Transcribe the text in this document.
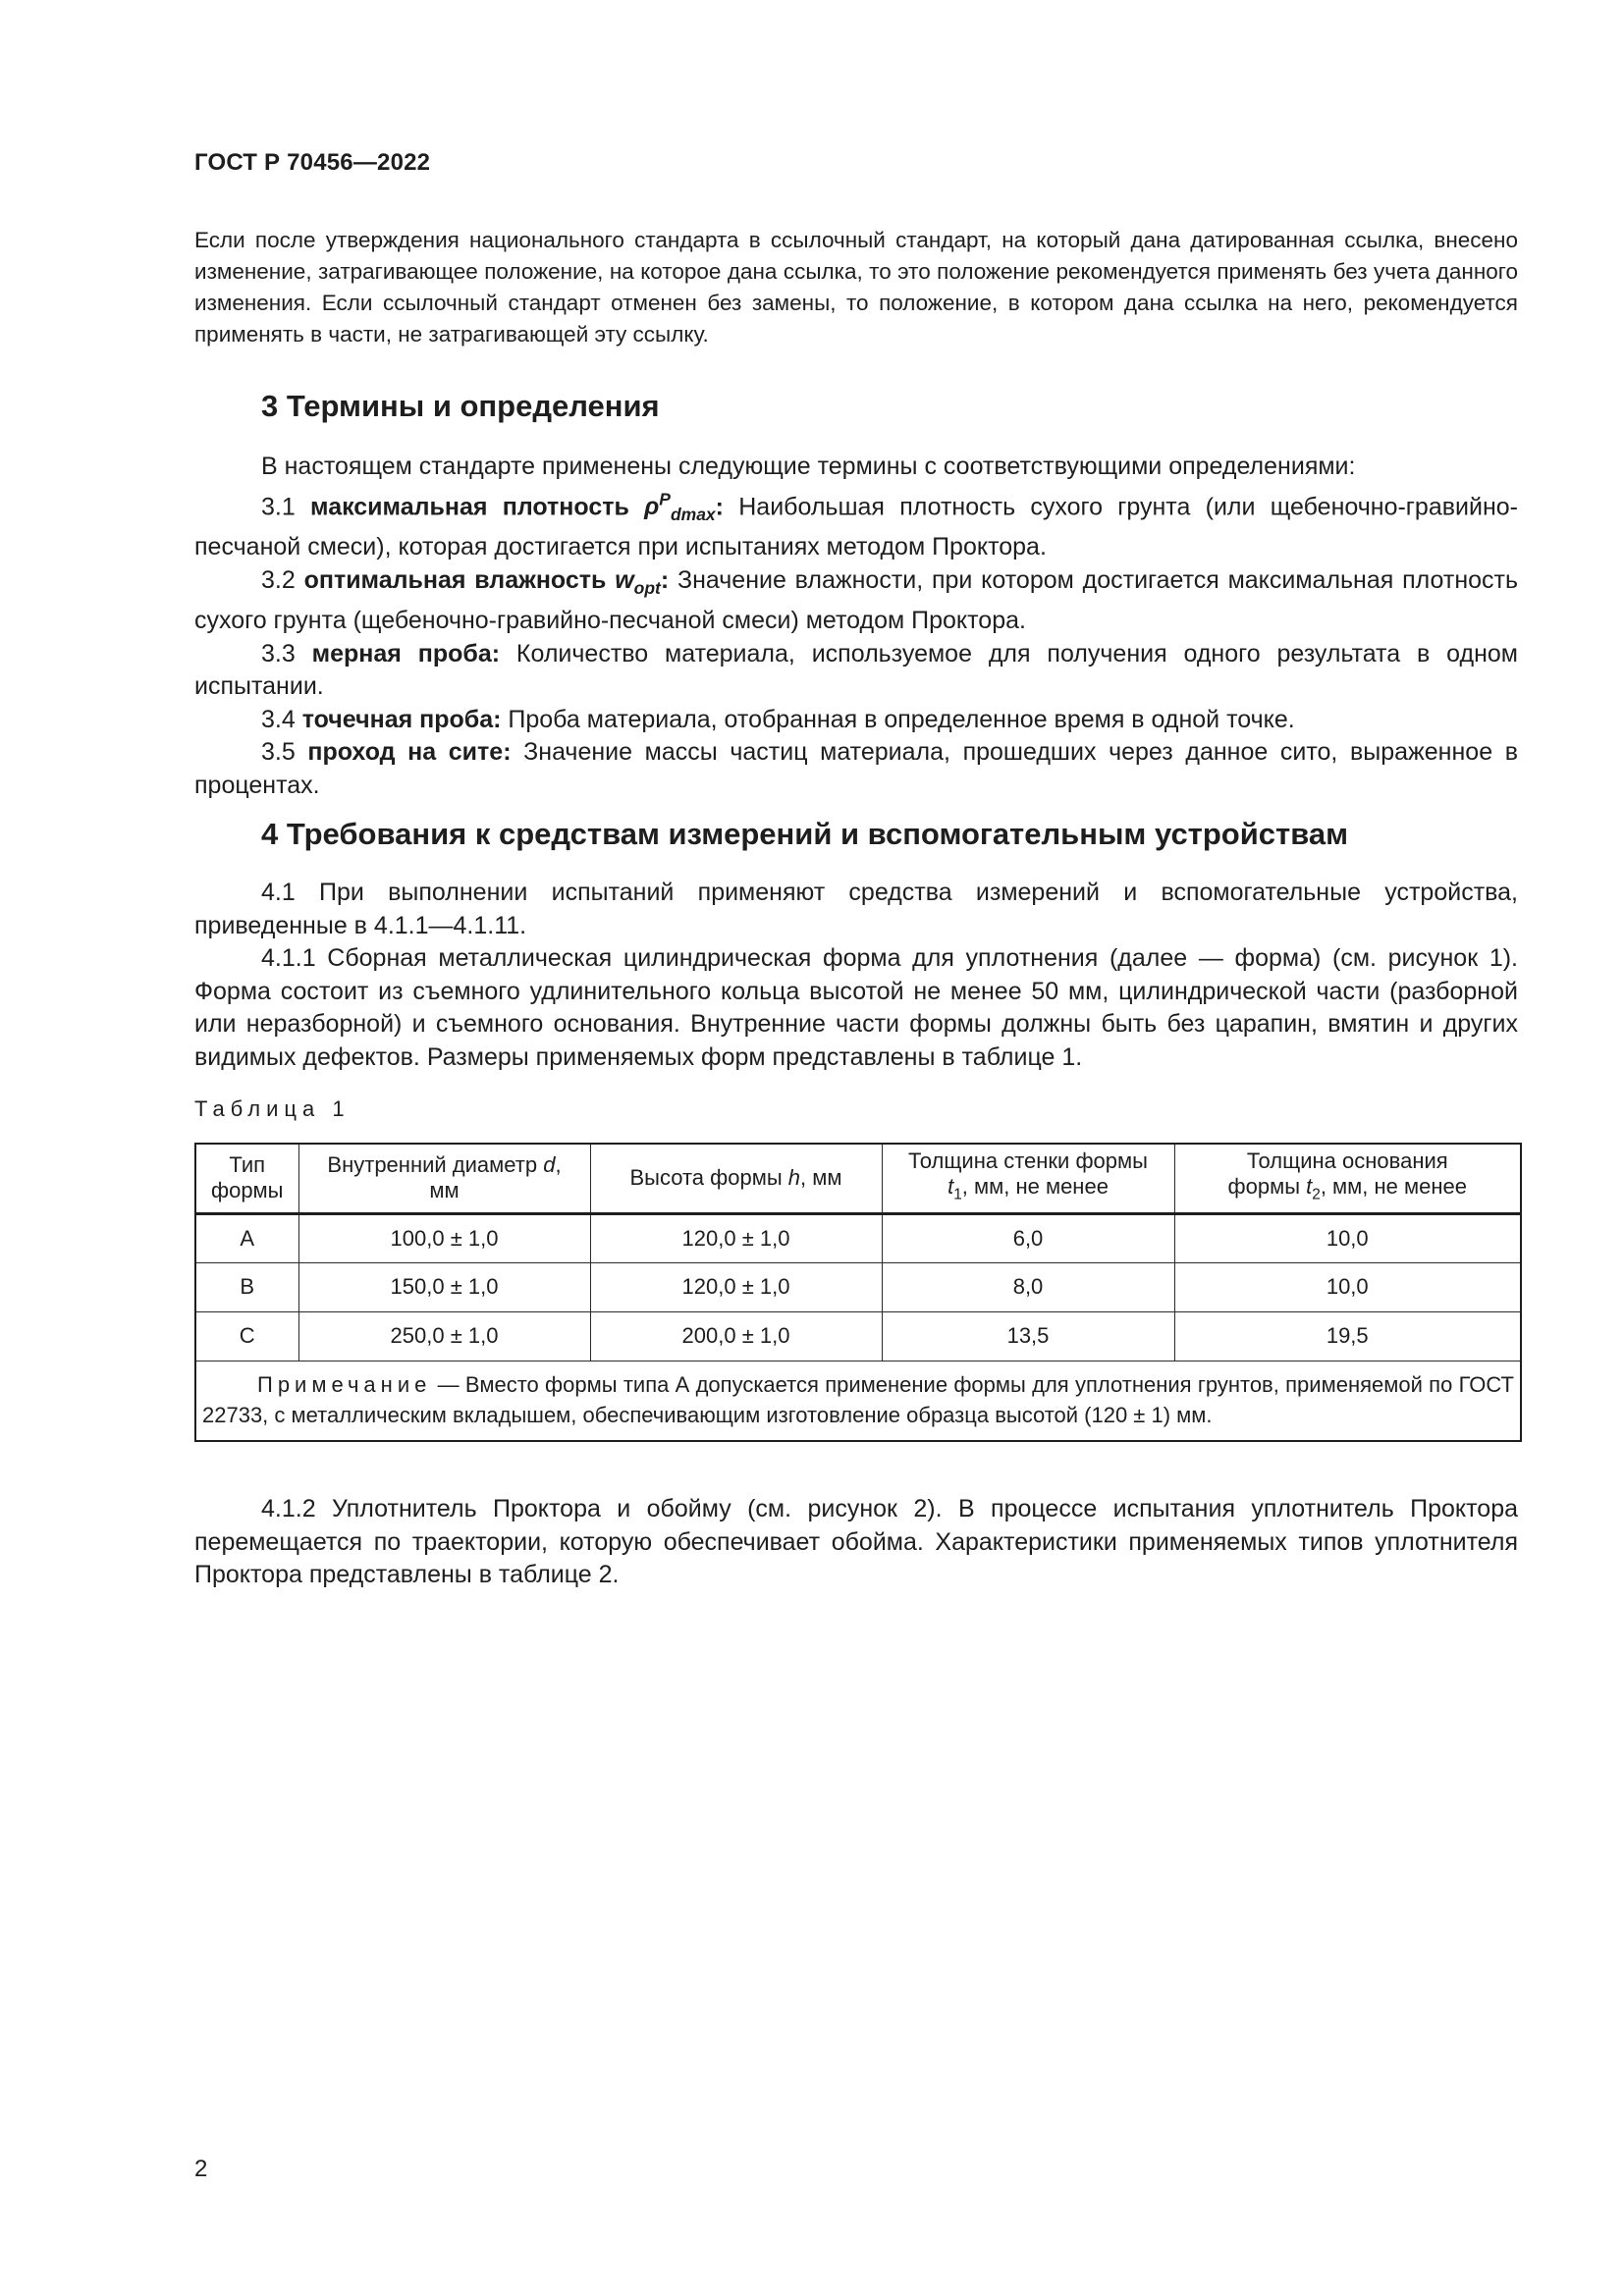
ГОСТ Р 70456—2022
Если после утверждения национального стандарта в ссылочный стандарт, на который дана датированная ссылка, внесено изменение, затрагивающее положение, на которое дана ссылка, то это положение рекомендуется применять без учета данного изменения. Если ссылочный стандарт отменен без замены, то положение, в котором дана ссылка на него, рекомендуется применять в части, не затрагивающей эту ссылку.
3 Термины и определения

В настоящем стандарте применены следующие термины с соответствующими определениями:

3.1 максимальная плотность $\rho^P_{dmax}$: Наибольшая плотность сухого грунта (или щебеночно-гравийно-песчаной смеси), которая достигается при испытаниях методом Проктора.

3.2 оптимальная влажность $w_{opt}$: Значение влажности, при котором достигается максимальная плотность сухого грунта (щебеночно-гравийно-песчаной смеси) методом Проктора.

3.3 мерная проба: Количество материала, используемое для получения одного результата в одном испытании.

3.4 точечная проба: Проба материала, отобранная в определенное время в одной точке.

3.5 проход на сите: Значение массы частиц материала, прошедших через данное сито, выраженное в процентах.

4 Требования к средствам измерений и вспомогательным устройствам

4.1 При выполнении испытаний применяют средства измерений и вспомогательные устройства, приведенные в 4.1.1—4.1.11.

4.1.1 Сборная металлическая цилиндрическая форма для уплотнения (далее — форма) (см. рисунок 1). Форма состоит из съемного удлинительного кольца высотой не менее 50 мм, цилиндрической части (разборной или неразборной) и съемного основания. Внутренние части формы должны быть без царапин, вмятин и других видимых дефектов. Размеры применяемых форм представлены в таблице 1.

Таблица 1
Тип формы	Внутренний диаметр d,
мм	Высота формы h, мм	Толщина стенки формы
$t_1$, мм, не менее	Толщина основания
формы $t_2$, мм, не менее
A	100,0 ± 1,0	120,0 ± 1,0	6,0	10,0
B	150,0 ± 1,0	120,0 ± 1,0	8,0	10,0
C	250,0 ± 1,0	200,0 ± 1,0	13,5	19,5
Примечание — Вместо формы типа А допускается применение формы для уплотнения грунтов, применяемой по ГОСТ 22733, с металлическим вкладышем, обеспечивающим изготовление образца высотой (120 ± 1) мм.				

4.1.2 Уплотнитель Проктора и обойму (см. рисунок 2). В процессе испытания уплотнитель Проктора перемещается по траектории, которую обеспечивает обойма. Характеристики применяемых типов уплотнителя Проктора представлены в таблице 2.

2
